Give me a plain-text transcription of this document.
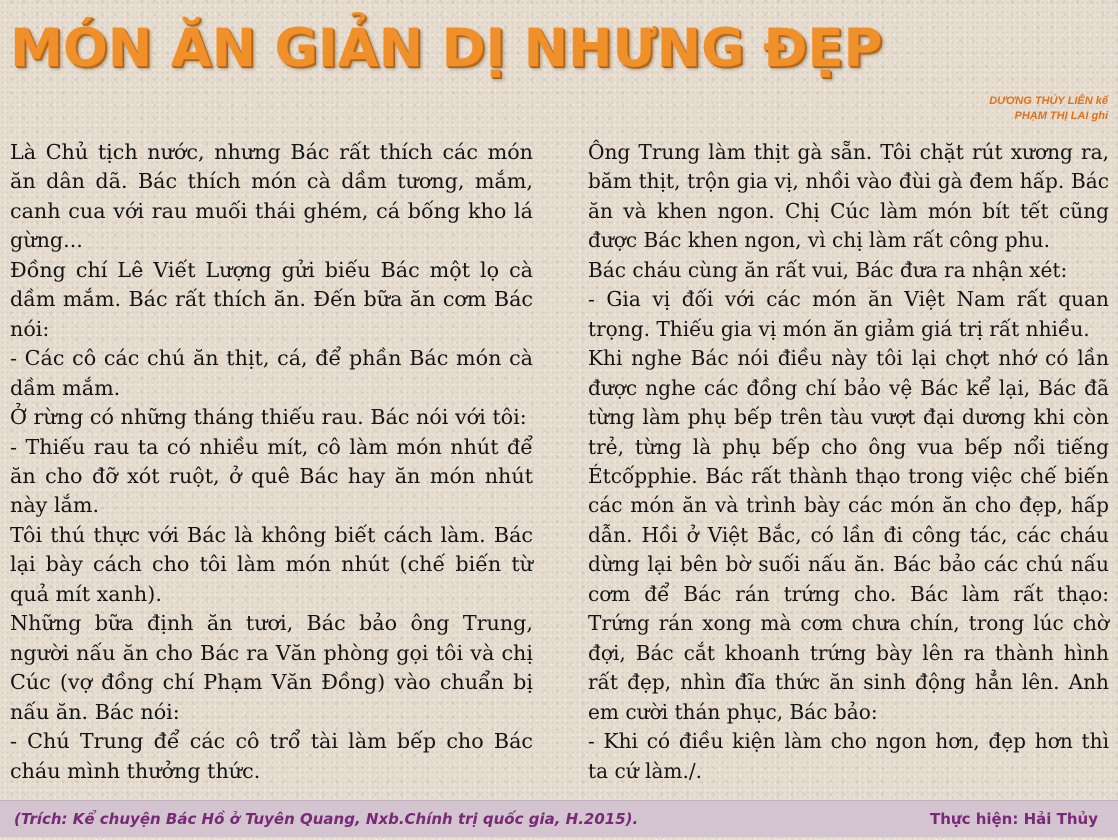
MÓN ĂN GIẢN DỊ NHƯNG ĐẸP
DƯƠNG THÚY LIÊN kể
PHẠM THỊ LAI ghi

Là Chủ tịch nước, nhưng Bác rất thích các món ăn dân dã. Bác thích món cà dầm tương, mắm, canh cua với rau muối thái ghém, cá bống kho lá gừng...

Đồng chí Lê Viết Lượng gửi biếu Bác một lọ cà dầm mắm. Bác rất thích ăn. Đến bữa ăn cơm Bác nói:

- Các cô các chú ăn thịt, cá, để phần Bác món cà dầm mắm.

Ở rừng có những tháng thiếu rau. Bác nói với tôi:

- Thiếu rau ta có nhiều mít, cô làm món nhút để ăn cho đỡ xót ruột, ở quê Bác hay ăn món nhút này lắm.

Tôi thú thực với Bác là không biết cách làm. Bác lại bày cách cho tôi làm món nhút (chế biến từ quả mít xanh).

Những bữa định ăn tươi, Bác bảo ông Trung, người nấu ăn cho Bác ra Văn phòng gọi tôi và chị Cúc (vợ đồng chí Phạm Văn Đồng) vào chuẩn bị nấu ăn. Bác nói:

- Chú Trung để các cô trổ tài làm bếp cho Bác cháu mình thưởng thức.

Ông Trung làm thịt gà sẵn. Tôi chặt rút xương ra, băm thịt, trộn gia vị, nhồi vào đùi gà đem hấp. Bác ăn và khen ngon. Chị Cúc làm món bít tết cũng được Bác khen ngon, vì chị làm rất công phu.

Bác cháu cùng ăn rất vui, Bác đưa ra nhận xét:

- Gia vị đối với các món ăn Việt Nam rất quan trọng. Thiếu gia vị món ăn giảm giá trị rất nhiều.

Khi nghe Bác nói điều này tôi lại chợt nhớ có lần được nghe các đồng chí bảo vệ Bác kể lại, Bác đã từng làm phụ bếp trên tàu vượt đại dương khi còn trẻ, từng là phụ bếp cho ông vua bếp nổi tiếng Étcốpphie. Bác rất thành thạo trong việc chế biến các món ăn và trình bày các món ăn cho đẹp, hấp dẫn. Hồi ở Việt Bắc, có lần đi công tác, các cháu dừng lại bên bờ suối nấu ăn. Bác bảo các chú nấu cơm để Bác rán trứng cho. Bác làm rất thạo: Trứng rán xong mà cơm chưa chín, trong lúc chờ đợi, Bác cắt khoanh trứng bày lên ra thành hình rất đẹp, nhìn đĩa thức ăn sinh động hẳn lên. Anh em cười thán phục, Bác bảo:

- Khi có điều kiện làm cho ngon hơn, đẹp hơn thì ta cứ làm./.

(Trích: Kể chuyện Bác Hồ ở Tuyên Quang, Nxb.Chính trị quốc gia, H.2015).	Thực hiện: Hải Thủy
